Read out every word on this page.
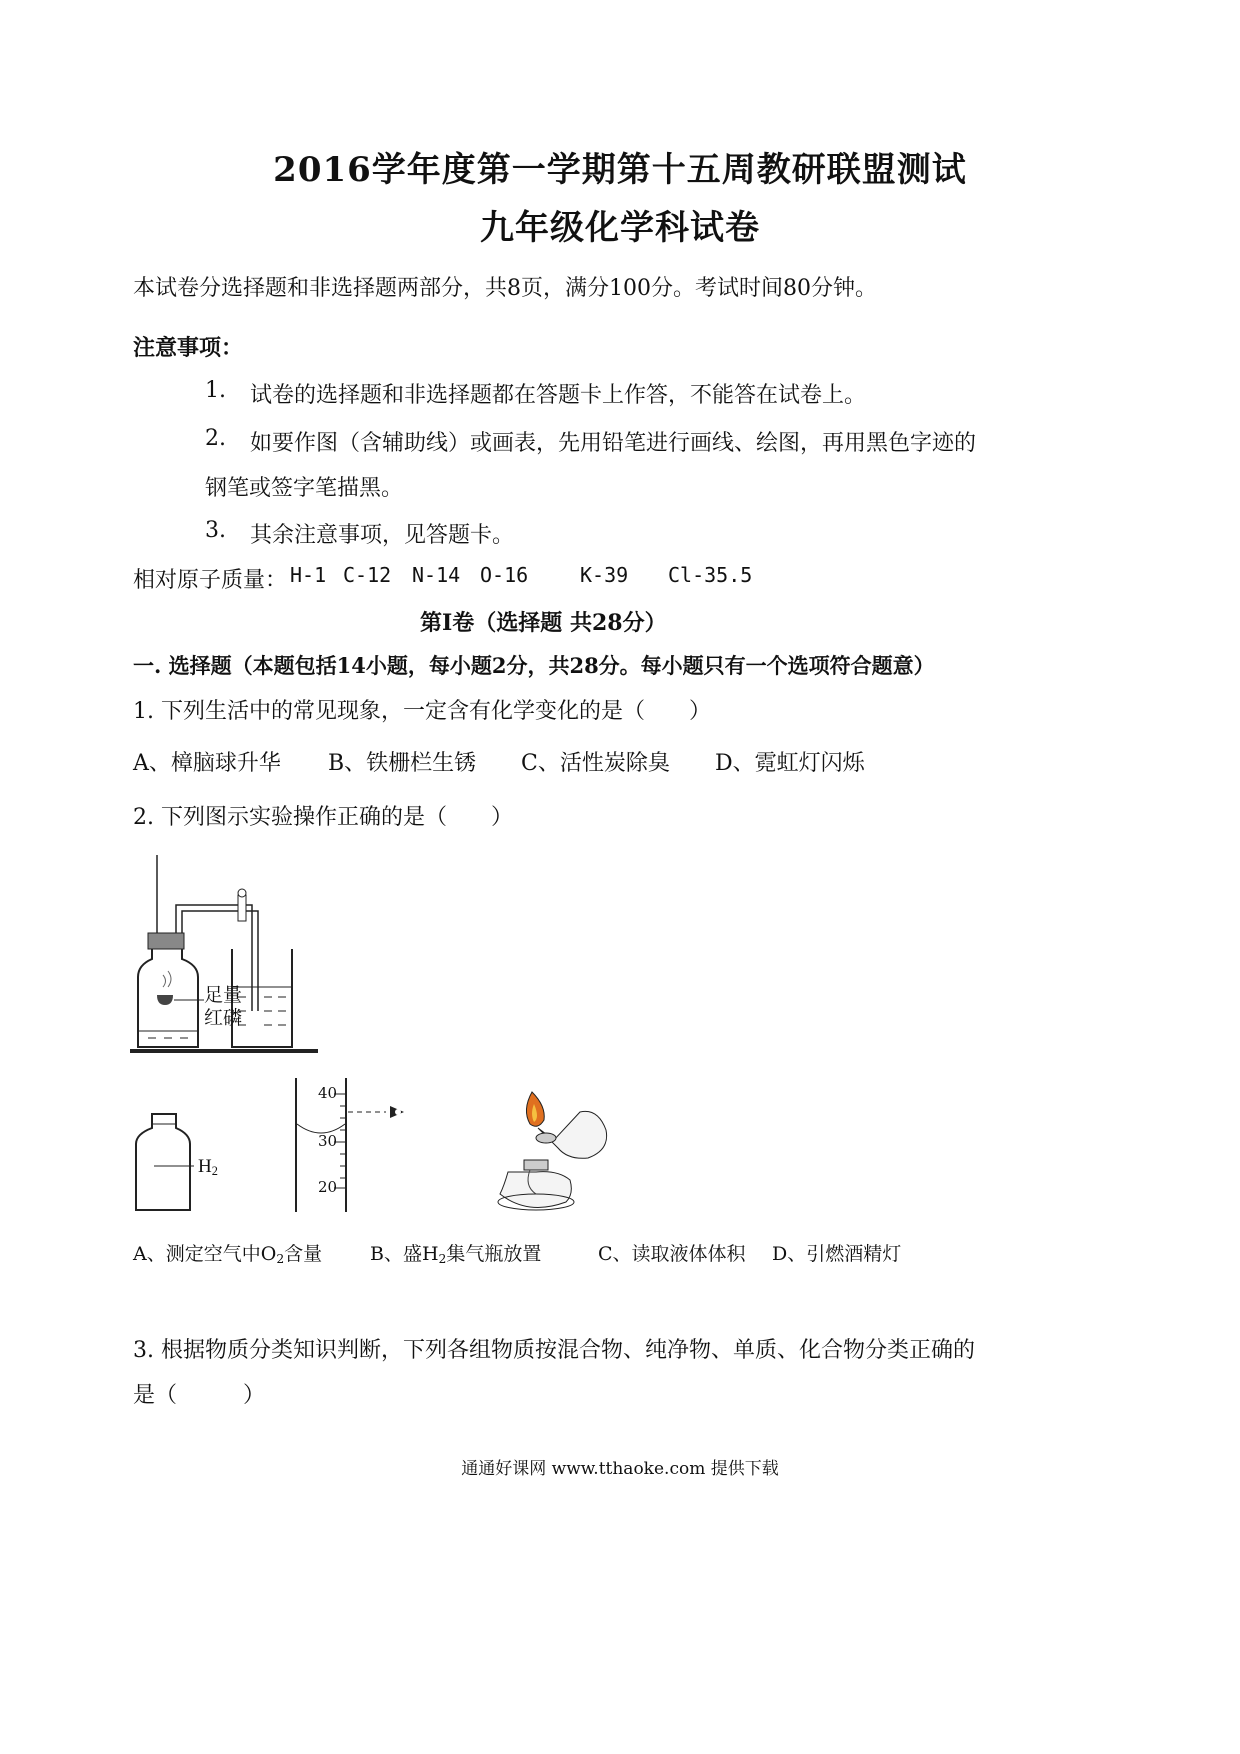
2016学年度第一学期第十五周教研联盟测试
九年级化学科试卷
本试卷分选择题和非选择题两部分，共8页，满分100分。考试时间80分钟。
注意事项：
1. 试卷的选择题和非选择题都在答题卡上作答，不能答在试卷上。
2. 如要作图（含辅助线）或画表，先用铅笔进行画线、绘图，再用黑色字迹的
钢笔或签字笔描黑。
3. 其余注意事项，见答题卡。
相对原子质量： H-1 C-12 N-14 O-16	K-39 Cl-35.5
第Ⅰ卷（选择题 共28分）
一. 选择题（本题包括14小题，每小题2分，共28分。每小题只有一个选项符合题意）
1. 下列生活中的常见现象，一定含有化学变化的是（　　）
A、樟脑球升华 B、铁栅栏生锈 C、活性炭除臭 D、霓虹灯闪烁
2. 下列图示实验操作正确的是（　　）
足量
红磷
$H_2$
40
30
20
A、测定空气中$O_2$含量	B、盛$H_2$集气瓶放置	C、读取液体体积 D、引燃酒精灯
3. 根据物质分类知识判断，下列各组物质按混合物、纯净物、单质、化合物分类正确的
是（　　　）
通通好课网 www.tthaoke.com 提供下载
